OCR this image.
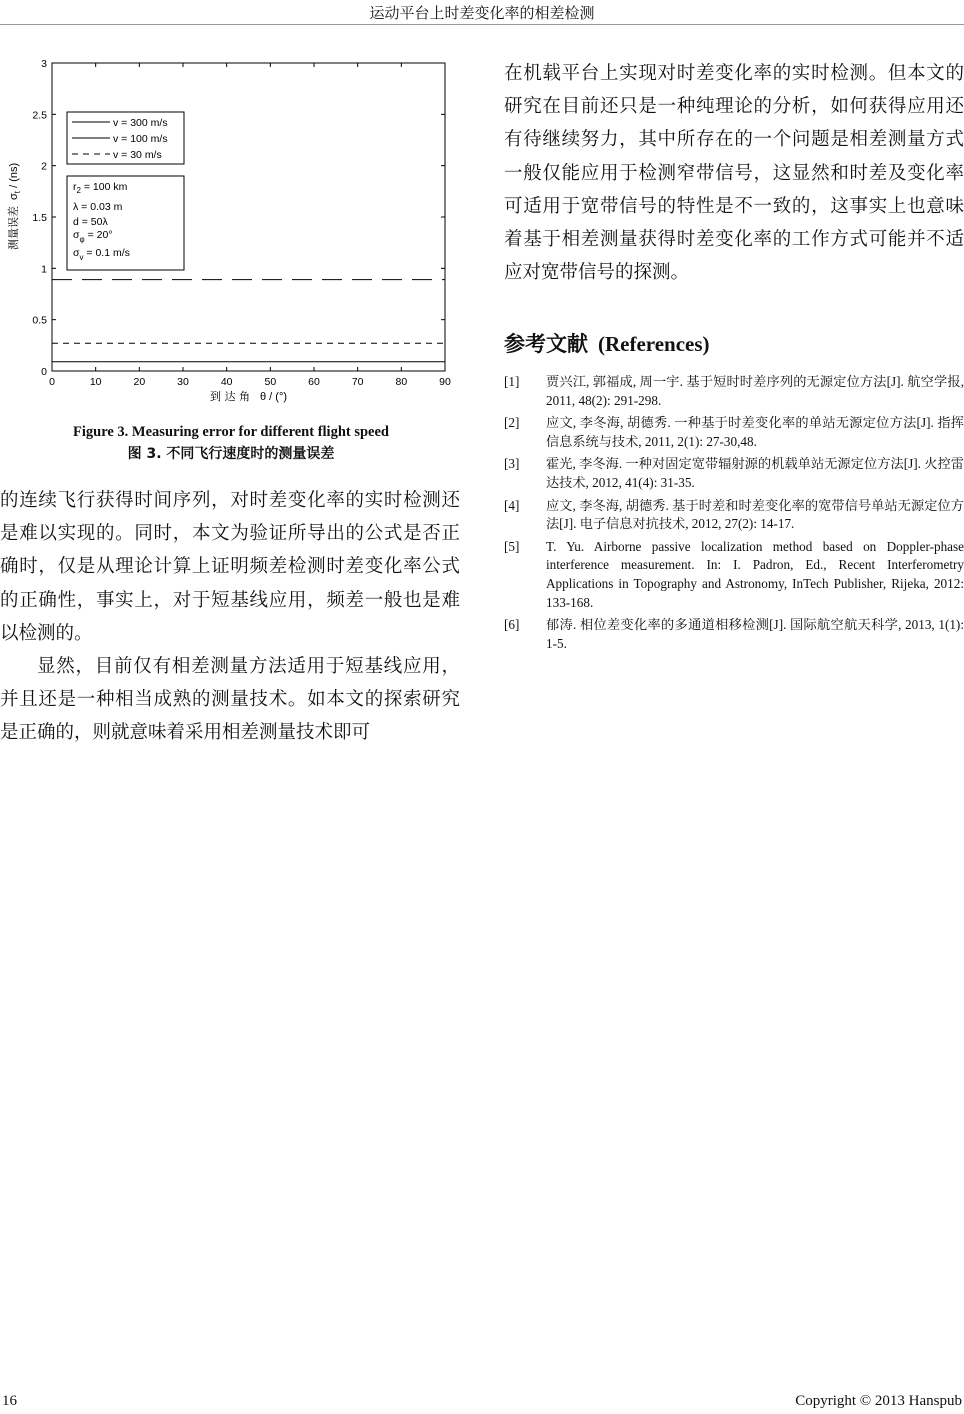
运动平台上时差变化率的相差检测
0
0.5
1
1.5
2
2.5
3
0	10	20	30	40	50	60	70	80	90
v = 300 m/s
v = 100 m/s
v = 30 m/s
$r_2 = 100$ km
λ = 0.03 m
d = 50λ
$\sigma_\varphi = 20^\circ$
$\sigma_v = 0.1$ m/s
测量误差$\sigma_t / (ns)$
到 达 角 θ / (°)
Figure 3. Measuring error for different flight speed
图 3. 不同飞行速度时的测量误差

的连续飞行获得时间序列，对时差变化率的实时检测还是难以实现的。同时，本文为验证所导出的公式是否正确时，仅是从理论计算上证明频差检测时差变化率公式的正确性，事实上，对于短基线应用，频差一般也是难以检测的。

显然，目前仅有相差测量方法适用于短基线应用，并且还是一种相当成熟的测量技术。如本文的探索研究是正确的，则就意味着采用相差测量技术即可

在机载平台上实现对时差变化率的实时检测。但本文的研究在目前还只是一种纯理论的分析，如何获得应用还有待继续努力，其中所存在的一个问题是相差测量方式一般仅能应用于检测窄带信号，这显然和时差及变化率可适用于宽带信号的特性是不一致的，这事实上也意味着基于相差测量获得时差变化率的工作方式可能并不适应对宽带信号的探测。

参考文献 (References)
[1] 贾兴江, 郭福成, 周一宇. 基于短时时差序列的无源定位方法[J]. 航空学报, 2011, 48(2): 291-298.
[2] 应文, 李冬海, 胡德秀. 一种基于时差变化率的单站无源定位方法[J]. 指挥信息系统与技术, 2011, 2(1): 27-30,48.
[3] 霍光, 李冬海. 一种对固定宽带辐射源的机载单站无源定位方法[J]. 火控雷达技术, 2012, 41(4): 31-35.
[4] 应文, 李冬海, 胡德秀. 基于时差和时差变化率的宽带信号单站无源定位方法[J]. 电子信息对抗技术, 2012, 27(2): 14-17.
[5] T. Yu. Airborne passive localization method based on Doppler-phase interference measurement. In: I. Padron, Ed., Recent Interferometry Applications in Topography and Astronomy, InTech Publisher, Rijeka, 2012: 133-168.
[6] 郁涛. 相位差变化率的多通道相移检测[J]. 国际航空航天科学, 2013, 1(1): 1-5.
16	Copyright © 2013 Hanspub
